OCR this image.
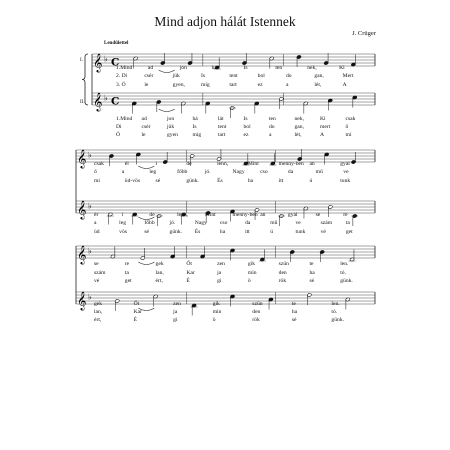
Mind adjon hálát Istennek
J. Crüger
Lendülettel
I.
II.
𝄞 ♭ C
𝄞 ♭ C
𝄞 ♭
𝄞 ♭
𝄞 ♭
𝄞 ♭
1.Mind	ad	jon	há	Is	ten	nek,	Ki
2. Di	csér	jük	Is	tent	bol	do	gan,	Mert
3. Ó	le	gyen,	míg	tart	ez	a	lét,	A
1.Mind ad	jon	há	lát	Is	ten	nek,	Ki	csak
Di	csér	jük	Is	tent	bol	do	gan,	mert	ő
Ó	le	gyen	míg	tart	ez	a	lét,	A	mi
csak	él	i	de	lenn,	Mint	menny-ben an	gyal
ő	a	leg	főbb	jó.	Nagy	cso	da	mű	ve
mi	üd-vös	sé	günk.	És	ha	itt	ú	tunk
ér	i	de	lenn,	Mint	menny-ben an	gyal	se	re
a	leg	főbb	jó.	Nagy cso	da	mű	ve	szám ta
üd	vös	sé	günk. És	ha	itt	ú	tunk	vé	get
se	re	gek	Őt	zen	gik	szün	te	len.
szám	ta	lan,	Kar	ja	min	den	ha	tó.
vé	get	ért,	É	gi	ö	rök	sé	günk.
gek	Őt	zen	gik	szün	te	len.
lan,	Kar	ja	min	den	ha	tó.
ért,	É	gi	ö	rök	sé	günk.
